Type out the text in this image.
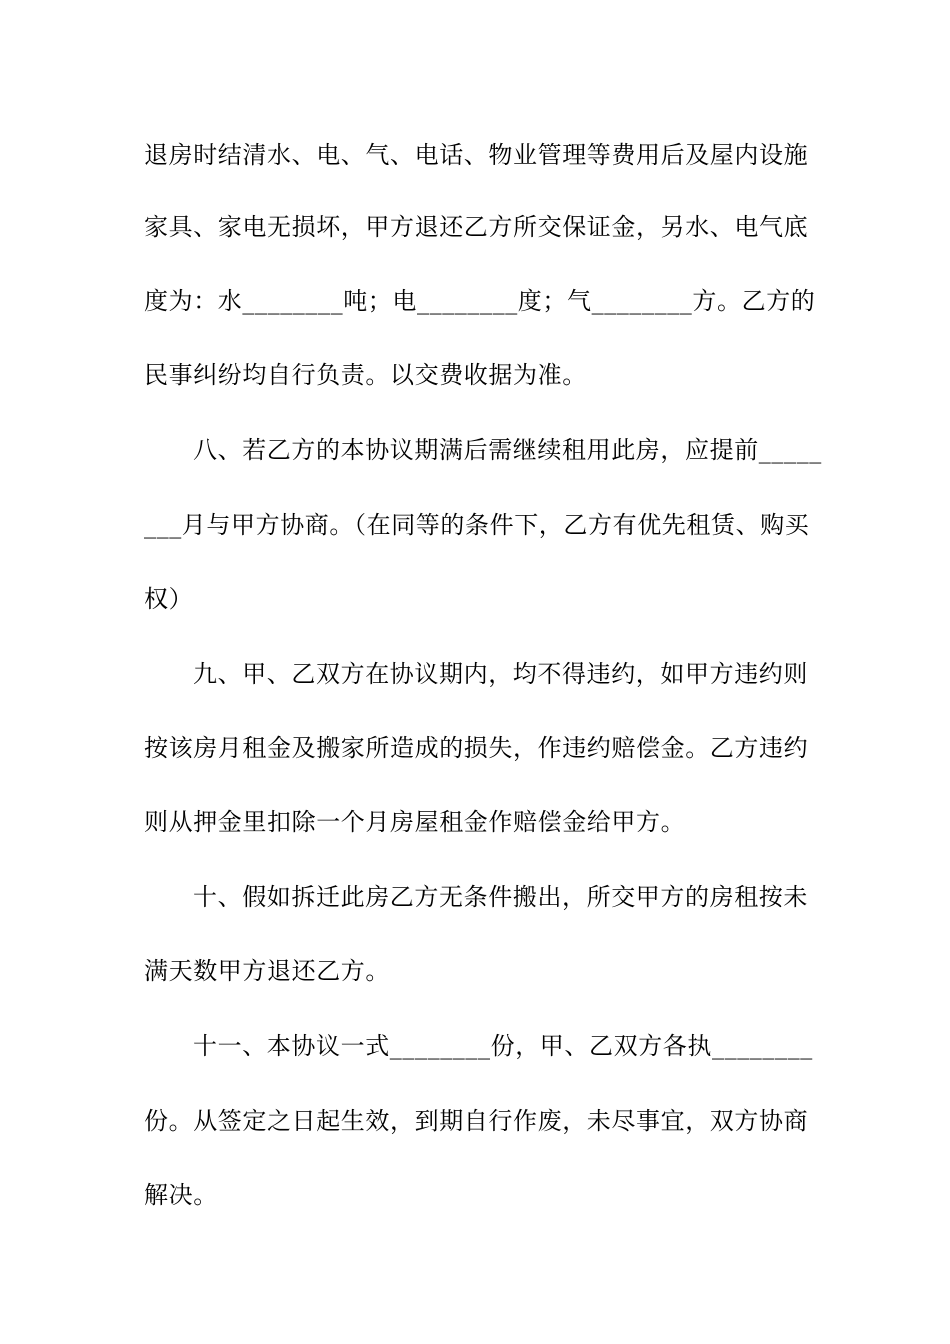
退房时结清水、电、气、电话、物业管理等费用后及屋内设施
家具、家电无损坏，甲方退还乙方所交保证金，另水、电气底
度为：水________吨；电________度；气________方。乙方的
民事纠纷均自行负责。以交费收据为准。
八、若乙方的本协议期满后需继续租用此房，应提前_____
___月与甲方协商。（在同等的条件下，乙方有优先租赁、购买
权）
九、甲、乙双方在协议期内，均不得违约，如甲方违约则
按该房月租金及搬家所造成的损失，作违约赔偿金。乙方违约
则从押金里扣除一个月房屋租金作赔偿金给甲方。
十、假如拆迁此房乙方无条件搬出，所交甲方的房租按未
满天数甲方退还乙方。
十一、本协议一式________份，甲、乙双方各执________
份。从签定之日起生效，到期自行作废，未尽事宜，双方协商
解决。
